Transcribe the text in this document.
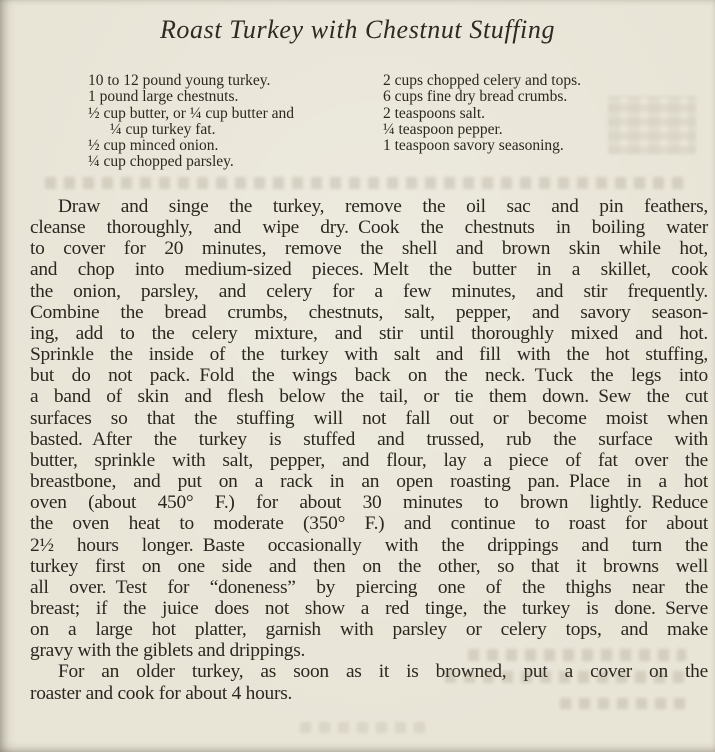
Roast Turkey with Chestnut Stuffing
10 to 12 pound young turkey.
1 pound large chestnuts.
½ cup butter, or ¼ cup butter and
¼ cup turkey fat.
½ cup minced onion.
¼ cup chopped parsley.
2 cups chopped celery and tops.
6 cups fine dry bread crumbs.
2 teaspoons salt.
¼ teaspoon pepper.
1 teaspoon savory seasoning.
Draw and singe the turkey, remove the oil sac and pin feathers,
cleanse thoroughly, and wipe dry. Cook the chestnuts in boiling water
to cover for 20 minutes, remove the shell and brown skin while hot,
and chop into medium-sized pieces. Melt the butter in a skillet, cook
the onion, parsley, and celery for a few minutes, and stir frequently.
Combine the bread crumbs, chestnuts, salt, pepper, and savory season-
ing, add to the celery mixture, and stir until thoroughly mixed and hot.
Sprinkle the inside of the turkey with salt and fill with the hot stuffing,
but do not pack. Fold the wings back on the neck. Tuck the legs into
a band of skin and flesh below the tail, or tie them down. Sew the cut
surfaces so that the stuffing will not fall out or become moist when
basted. After the turkey is stuffed and trussed, rub the surface with
butter, sprinkle with salt, pepper, and flour, lay a piece of fat over the
breastbone, and put on a rack in an open roasting pan. Place in a hot
oven (about 450° F.) for about 30 minutes to brown lightly. Reduce
the oven heat to moderate (350° F.) and continue to roast for about
2½ hours longer. Baste occasionally with the drippings and turn the
turkey first on one side and then on the other, so that it browns well
all over. Test for “doneness” by piercing one of the thighs near the
breast; if the juice does not show a red tinge, the turkey is done. Serve
on a large hot platter, garnish with parsley or celery tops, and make
gravy with the giblets and drippings.
For an older turkey, as soon as it is browned, put a cover on the
roaster and cook for about 4 hours.
